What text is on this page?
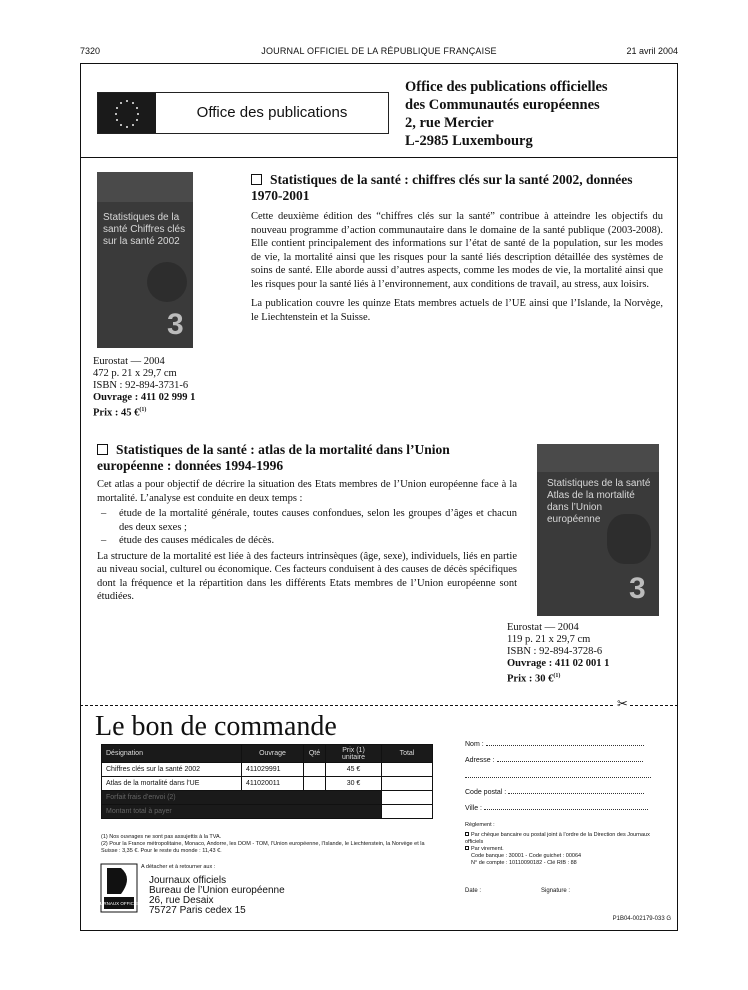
7320	JOURNAL OFFICIEL DE LA RÉPUBLIQUE FRANÇAISE	21 avril 2004
Office des publications
Office des publications officielles
des Communautés européennes
2, rue Mercier
L-2985 Luxembourg
Statistiques de la santé Chiffres clés sur la santé 2002
3
Eurostat — 2004
472 p. 21 x 29,7 cm
ISBN : 92-894-3731-6
Ouvrage : 411 02 999 1
Prix : 45 €$^{(1)}$
Statistiques de la santé : chiffres clés sur la santé 2002, données 1970-2001

Cette deuxième édition des “chiffres clés sur la santé” contribue à atteindre les objectifs du nouveau programme d’action communautaire dans le domaine de la santé publique (2003-2008). Elle contient principalement des informations sur l’état de santé de la population, sur les modes de vie, la mortalité ainsi que les risques pour la santé liés description détaillée des systèmes de soins de santé. Elle aborde aussi d’autres aspects, comme les modes de vie, la mortalité ainsi que les risques pour la santé liés à l’environnement, aux conditions de travail, au stress, aux loisirs.

La publication couvre les quinze Etats membres actuels de l’UE ainsi que l’Islande, la Norvège, le Liechtenstein et la Suisse.

Statistiques de la santé : atlas de la mortalité dans l’Union européenne : données 1994-1996

Cet atlas a pour objectif de décrire la situation des Etats membres de l’Union européenne face à la mortalité. L’analyse est conduite en deux temps :

–	étude de la mortalité générale, toutes causes confondues, selon les groupes d’âges et chacun des deux sexes ;
–	étude des causes médicales de décès.

La structure de la mortalité est liée à des facteurs intrinsèques (âge, sexe), individuels, liés en partie au niveau social, culturel ou économique. Ces facteurs conduisent à des causes de décès spécifiques dont la fréquence et la répartition dans les différents Etats membres de l’Union européenne sont étudiées.

Statistiques de la santé Atlas de la mortalité dans l’Union européenne
3
Eurostat — 2004
119 p. 21 x 29,7 cm
ISBN : 92-894-3728-6
Ouvrage : 411 02 001 1
Prix : 30 €$^{(1)}$
✂
Le bon de commande
Désignation	Ouvrage	Qté	Prix (1) unitaire	Total
Chiffres clés sur la santé 2002	411029991		45 €	
Atlas de la mortalité dans l’UE	411020011		30 €	
Forfait frais d’envoi (2)				
Montant total à payer				
(1) Nos ouvrages ne sont pas assujettis à la TVA.
(2) Pour la France métropolitaine, Monaco, Andorre, les DOM - TOM, l’Union européenne, l’Islande, le Liechtenstein, la Norvège et la Suisse : 3,35 €. Pour le reste du monde : 11,43 €.
JOURNAUX OFFICIELS
A détacher et à retourner aux :
Journaux officiels
Bureau de l’Union européenne
26, rue Desaix
75727 Paris cedex 15
Nom :
Adresse :
Code postal :
Ville :
Règlement :
Par chèque bancaire ou postal joint à l’ordre de la Direction des Journaux officiels
Par virement.
Code banque : 30001 - Code guichet : 00064
N° de compte : 10110090182 - Clé RIB : 88
Date :	Signature :
P1B04-002179-033 G
